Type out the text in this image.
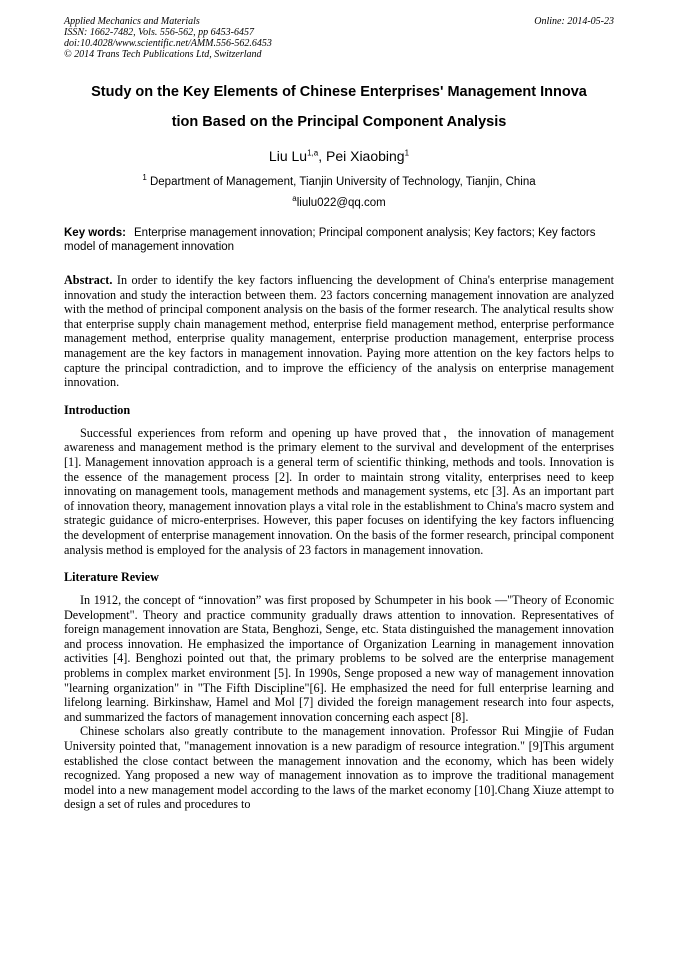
Applied Mechanics and Materials
ISSN: 1662-7482, Vols. 556-562, pp 6453-6457
doi:10.4028/www.scientific.net/AMM.556-562.6453
© 2014 Trans Tech Publications Ltd, Switzerland
Online: 2014-05-23
Study on the Key Elements of Chinese Enterprises' Management Innova
tion Based on the Principal Component Analysis
Liu Lu$^{1,a}$, Pei Xiaobing$^1$
$^1$ Department of Management, Tianjin University of Technology, Tianjin, China
$^a$liulu022@qq.com
Key words: Enterprise management innovation; Principal component analysis; Key factors; Key factors model of management innovation
Abstract. In order to identify the key factors influencing the development of China's enterprise management innovation and study the interaction between them. 23 factors concerning management innovation are analyzed with the method of principal component analysis on the basis of the former research. The analytical results show that enterprise supply chain management method, enterprise field management method, enterprise performance management method, enterprise quality management, enterprise production management, enterprise process management are the key factors in management innovation. Paying more attention on the key factors helps to capture the principal contradiction, and to improve the efficiency of the analysis on enterprise management innovation.
Introduction

Successful experiences from reform and opening up have proved that，the innovation of management awareness and management method is the primary element to the survival and development of the enterprises [1]. Management innovation approach is a general term of scientific thinking, methods and tools. Innovation is the essence of the management process [2]. In order to maintain strong vitality, enterprises need to keep innovating on management tools, management methods and management systems, etc [3]. As an important part of innovation theory, management innovation plays a vital role in the establishment to China's macro system and strategic guidance of micro-enterprises. However, this paper focuses on identifying the key factors influencing the development of enterprise management innovation. On the basis of the former research, principal component analysis method is employed for the analysis of 23 factors in management innovation.

Literature Review

In 1912, the concept of “innovation” was first proposed by Schumpeter in his book —"Theory of Economic Development". Theory and practice community gradually draws attention to innovation. Representatives of foreign management innovation are Stata, Benghozi, Senge, etc. Stata distinguished the management innovation and process innovation. He emphasized the importance of Organization Learning in management innovation activities [4]. Benghozi pointed out that, the primary problems to be solved are the enterprise management problems in complex market environment [5]. In 1990s, Senge proposed a new way of management innovation "learning organization" in "The Fifth Discipline"[6]. He emphasized the need for full enterprise learning and lifelong learning. Birkinshaw, Hamel and Mol [7] divided the foreign management research into four aspects, and summarized the factors of management innovation concerning each aspect [8].

Chinese scholars also greatly contribute to the management innovation. Professor Rui Mingjie of Fudan University pointed that, "management innovation is a new paradigm of resource integration." [9]This argument established the close contact between the management innovation and the economy, which has been widely recognized. Yang proposed a new way of management innovation as to improve the traditional management model into a new management model according to the laws of the market economy [10].Chang Xiuze attempt to design a set of rules and procedures to
